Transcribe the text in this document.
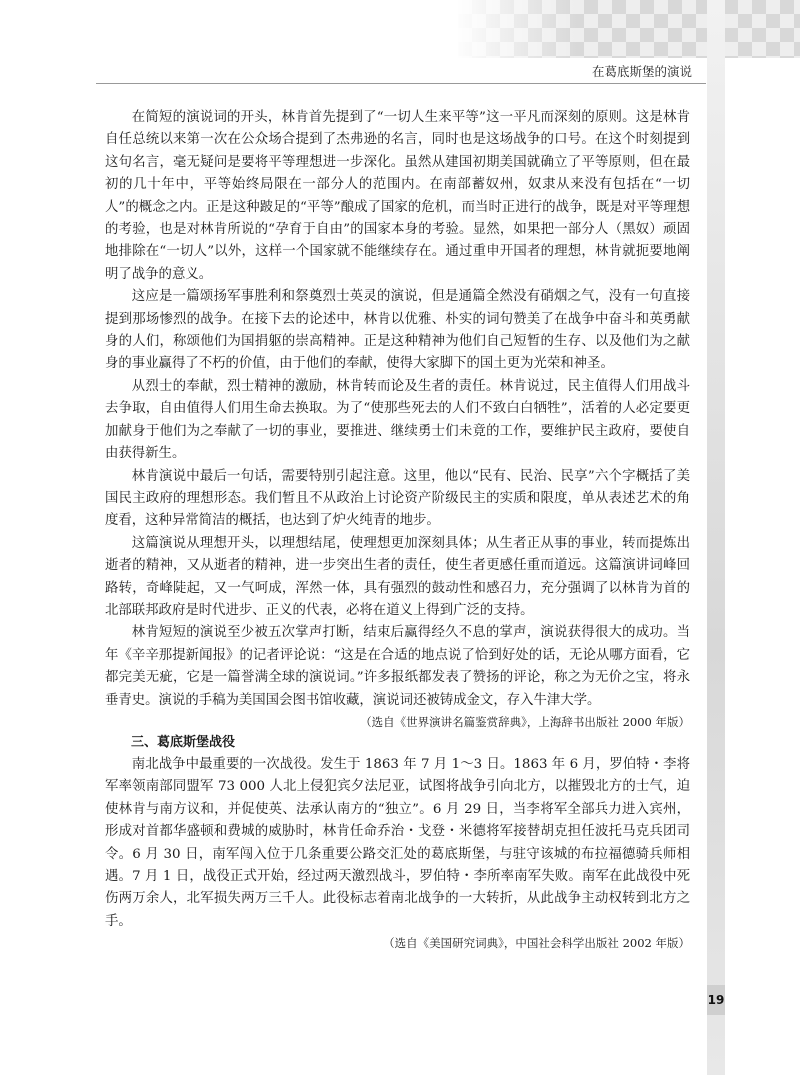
在葛底斯堡的演说

在简短的演说词的开头，林肯首先提到了“一切人生来平等”这一平凡而深刻的原则。这是林肯自任总统以来第一次在公众场合提到了杰弗逊的名言，同时也是这场战争的口号。在这个时刻提到这句名言，毫无疑问是要将平等理想进一步深化。虽然从建国初期美国就确立了平等原则，但在最初的几十年中，平等始终局限在一部分人的范围内。在南部蓄奴州，奴隶从来没有包括在“一切人”的概念之内。正是这种跛足的“平等”酿成了国家的危机，而当时正进行的战争，既是对平等理想的考验，也是对林肯所说的“孕育于自由”的国家本身的考验。显然，如果把一部分人（黑奴）顽固地排除在“一切人”以外，这样一个国家就不能继续存在。通过重申开国者的理想，林肯就扼要地阐明了战争的意义。

这应是一篇颂扬军事胜利和祭奠烈士英灵的演说，但是通篇全然没有硝烟之气，没有一句直接提到那场惨烈的战争。在接下去的论述中，林肯以优雅、朴实的词句赞美了在战争中奋斗和英勇献身的人们，称颂他们为国捐躯的崇高精神。正是这种精神为他们自己短暂的生存、以及他们为之献身的事业赢得了不朽的价值，由于他们的奉献，使得大家脚下的国土更为光荣和神圣。

从烈士的奉献，烈士精神的激励，林肯转而论及生者的责任。林肯说过，民主值得人们用战斗去争取，自由值得人们用生命去换取。为了“使那些死去的人们不致白白牺牲”，活着的人必定要更加献身于他们为之奉献了一切的事业，要推进、继续勇士们未竟的工作，要维护民主政府，要使自由获得新生。

林肯演说中最后一句话，需要特别引起注意。这里，他以“民有、民治、民享”六个字概括了美国民主政府的理想形态。我们暂且不从政治上讨论资产阶级民主的实质和限度，单从表述艺术的角度看，这种异常简洁的概括，也达到了炉火纯青的地步。

这篇演说从理想开头，以理想结尾，使理想更加深刻具体；从生者正从事的事业，转而提炼出逝者的精神，又从逝者的精神，进一步突出生者的责任，使生者更感任重而道远。这篇演讲词峰回路转，奇峰陡起，又一气呵成，浑然一体，具有强烈的鼓动性和感召力，充分强调了以林肯为首的北部联邦政府是时代进步、正义的代表，必将在道义上得到广泛的支持。

林肯短短的演说至少被五次掌声打断，结束后赢得经久不息的掌声，演说获得很大的成功。当年《辛辛那提新闻报》的记者评论说：“这是在合适的地点说了恰到好处的话，无论从哪方面看，它都完美无疵，它是一篇誉满全球的演说词。”许多报纸都发表了赞扬的评论，称之为无价之宝，将永垂青史。演说的手稿为美国国会图书馆收藏，演说词还被铸成金文，存入牛津大学。

（选自《世界演讲名篇鉴赏辞典》，上海辞书出版社 2000 年版）

三、葛底斯堡战役

南北战争中最重要的一次战役。发生于 1863 年 7 月 1～3 日。1863 年 6 月，罗伯特・李将军率领南部同盟军 73 000 人北上侵犯宾夕法尼亚，试图将战争引向北方，以摧毁北方的士气，迫使林肯与南方议和，并促使英、法承认南方的“独立”。6 月 29 日，当李将军全部兵力进入宾州，形成对首都华盛顿和费城的威胁时，林肯任命乔治・戈登・米德将军接替胡克担任波托马克兵团司令。6 月 30 日，南军闯入位于几条重要公路交汇处的葛底斯堡，与驻守该城的布拉福德骑兵师相遇。7 月 1 日，战役正式开始，经过两天激烈战斗，罗伯特・李所率南军失败。南军在此战役中死伤两万余人，北军损失两万三千人。此役标志着南北战争的一大转折，从此战争主动权转到北方之手。

（选自《美国研究词典》，中国社会科学出版社 2002 年版）

19
